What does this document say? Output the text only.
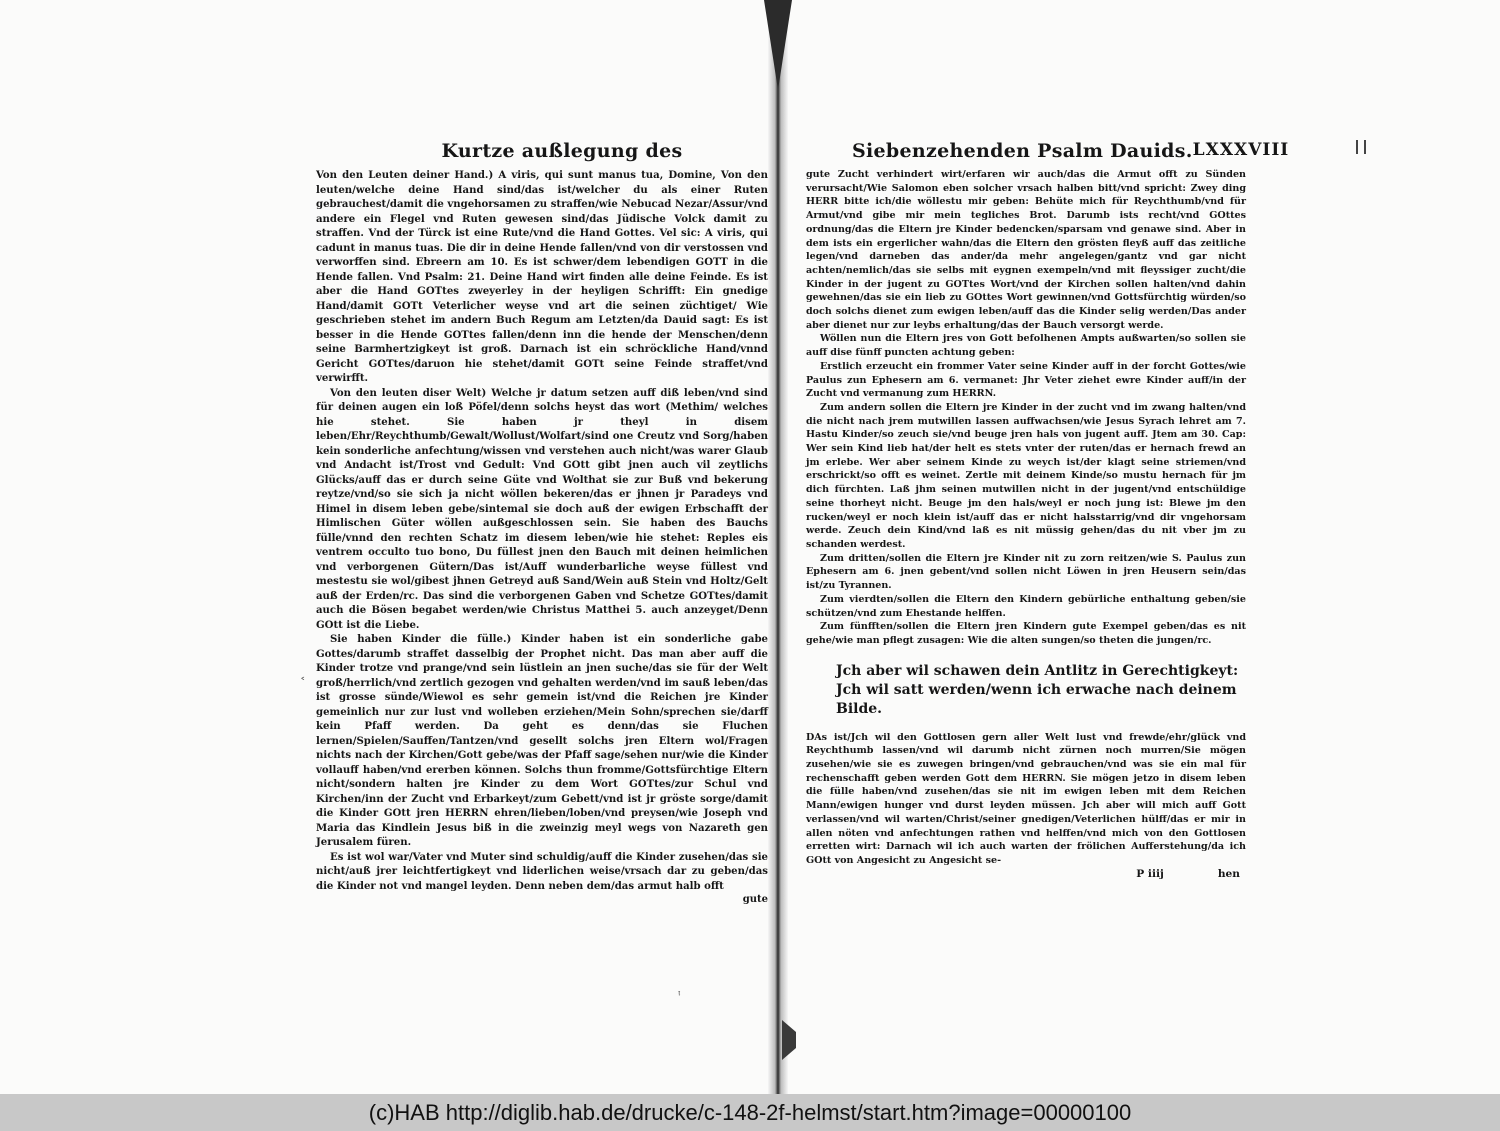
˂
ᵎ
Kurtze außlegung des

Von den Leuten deiner Hand.) A viris, qui sunt manus tua, Domine, Von den leuten/welche deine Hand sind/das ist/welcher du als einer Ruten gebrauchest/damit die vngehorsamen zu straffen/wie Nebucad Nezar/Assur/vnd andere ein Flegel vnd Ruten gewesen sind/das Jüdische Volck damit zu straffen. Vnd der Türck ist eine Rute/vnd die Hand Gottes. Vel sic: A viris, qui cadunt in manus tuas. Die dir in deine Hende fallen/vnd von dir verstossen vnd verworffen sind. Ebreern am 10. Es ist schwer/dem lebendigen GOTT in die Hende fallen. Vnd Psalm: 21. Deine Hand wirt finden alle deine Feinde. Es ist aber die Hand GOTtes zweyerley in der heyligen Schrifft: Ein gnedige Hand/damit GOTt Veterlicher weyse vnd art die seinen züchtiget/ Wie geschrieben stehet im andern Buch Regum am Letzten/da Dauid sagt: Es ist besser in die Hende GOTtes fallen/denn inn die hende der Menschen/denn seine Barmhertzigkeyt ist groß. Darnach ist ein schröckliche Hand/vnnd Gericht GOTtes/daruon hie stehet/damit GOTt seine Feinde straffet/vnd verwirfft.

Von den leuten diser Welt) Welche jr datum setzen auff diß leben/vnd sind für deinen augen ein loß Pöfel/denn solchs heyst das wort (Methim/ welches hie stehet. Sie haben jr theyl in disem leben/Ehr/Reychthumb/Gewalt/Wollust/Wolfart/sind one Creutz vnd Sorg/haben kein sonderliche anfechtung/wissen vnd verstehen auch nicht/was warer Glaub vnd Andacht ist/Trost vnd Gedult: Vnd GOtt gibt jnen auch vil zeytlichs Glücks/auff das er durch seine Güte vnd Wolthat sie zur Buß vnd bekerung reytze/vnd/so sie sich ja nicht wöllen bekeren/das er jhnen jr Paradeys vnd Himel in disem leben gebe/sintemal sie doch auß der ewigen Erbschafft der Himlischen Güter wöllen außgeschlossen sein. Sie haben des Bauchs fülle/vnnd den rechten Schatz im diesem leben/wie hie stehet: Reples eis ventrem occulto tuo bono, Du füllest jnen den Bauch mit deinen heimlichen vnd verborgenen Gütern/Das ist/Auff wunderbarliche weyse füllest vnd mestestu sie wol/gibest jhnen Getreyd auß Sand/Wein auß Stein vnd Holtz/Gelt auß der Erden/rc. Das sind die verborgenen Gaben vnd Schetze GOTtes/damit auch die Bösen begabet werden/wie Christus Matthei 5. auch anzeyget/Denn GOtt ist die Liebe.

Sie haben Kinder die fülle.) Kinder haben ist ein sonderliche gabe Gottes/darumb straffet dasselbig der Prophet nicht. Das man aber auff die Kinder trotze vnd prange/vnd sein lüstlein an jnen suche/das sie für der Welt groß/herrlich/vnd zertlich gezogen vnd gehalten werden/vnd im sauß leben/das ist grosse sünde/Wiewol es sehr gemein ist/vnd die Reichen jre Kinder gemeinlich nur zur lust vnd wolleben erziehen/Mein Sohn/sprechen sie/darff kein Pfaff werden. Da geht es denn/das sie Fluchen lernen/Spielen/Sauffen/Tantzen/vnd gesellt solchs jren Eltern wol/Fragen nichts nach der Kirchen/Gott gebe/was der Pfaff sage/sehen nur/wie die Kinder vollauff haben/vnd ererben können. Solchs thun fromme/Gottsfürchtige Eltern nicht/sondern halten jre Kinder zu dem Wort GOTtes/zur Schul vnd Kirchen/inn der Zucht vnd Erbarkeyt/zum Gebett/vnd ist jr gröste sorge/damit die Kinder GOtt jren HERRN ehren/lieben/loben/vnd preysen/wie Joseph vnd Maria das Kindlein Jesus biß in die zweinzig meyl wegs von Nazareth gen Jerusalem füren.

Es ist wol war/Vater vnd Muter sind schuldig/auff die Kinder zusehen/das sie nicht/auß jrer leichtfertigkeyt vnd liderlichen weise/vrsach dar zu geben/das die Kinder not vnd mangel leyden. Denn neben dem/das armut halb offt

gute
Siebenzehenden Psalm Dauids. LXXXVIII

gute Zucht verhindert wirt/erfaren wir auch/das die Armut offt zu Sünden verursacht/Wie Salomon eben solcher vrsach halben bitt/vnd spricht: Zwey ding HERR bitte ich/die wöllestu mir geben: Behüte mich für Reychthumb/vnd für Armut/vnd gibe mir mein tegliches Brot. Darumb ists recht/vnd GOttes ordnung/das die Eltern jre Kinder bedencken/sparsam vnd genawe sind. Aber in dem ists ein ergerlicher wahn/das die Eltern den grösten fleyß auff das zeitliche legen/vnd darneben das ander/da mehr angelegen/gantz vnd gar nicht achten/nemlich/das sie selbs mit eygnen exempeln/vnd mit fleyssiger zucht/die Kinder in der jugent zu GOTtes Wort/vnd der Kirchen sollen halten/vnd dahin gewehnen/das sie ein lieb zu GOttes Wort gewinnen/vnd Gottsfürchtig würden/so doch solchs dienet zum ewigen leben/auff das die Kinder selig werden/Das ander aber dienet nur zur leybs erhaltung/das der Bauch versorgt werde.

Wöllen nun die Eltern jres von Gott befolhenen Ampts außwarten/so sollen sie auff dise fünff puncten achtung geben:

Erstlich erzeucht ein frommer Vater seine Kinder auff in der forcht Gottes/wie Paulus zun Ephesern am 6. vermanet: Jhr Veter ziehet ewre Kinder auff/in der Zucht vnd vermanung zum HERRN.

Zum andern sollen die Eltern jre Kinder in der zucht vnd im zwang halten/vnd die nicht nach jrem mutwillen lassen auffwachsen/wie Jesus Syrach lehret am 7. Hastu Kinder/so zeuch sie/vnd beuge jren hals von jugent auff. Jtem am 30. Cap: Wer sein Kind lieb hat/der helt es stets vnter der ruten/das er hernach frewd an jm erlebe. Wer aber seinem Kinde zu weych ist/der klagt seine striemen/vnd erschrickt/so offt es weinet. Zertle mit deinem Kinde/so mustu hernach für jm dich fürchten. Laß jhm seinen mutwillen nicht in der jugent/vnd entschüldige seine thorheyt nicht. Beuge jm den hals/weyl er noch jung ist: Blewe jm den rucken/weyl er noch klein ist/auff das er nicht halsstarrig/vnd dir vngehorsam werde. Zeuch dein Kind/vnd laß es nit müssig gehen/das du nit vber jm zu schanden werdest.

Zum dritten/sollen die Eltern jre Kinder nit zu zorn reitzen/wie S. Paulus zun Ephesern am 6. jnen gebent/vnd sollen nicht Löwen in jren Heusern sein/das ist/zu Tyrannen.

Zum vierdten/sollen die Eltern den Kindern gebürliche enthaltung geben/sie schützen/vnd zum Ehestande helffen.

Zum fünfften/sollen die Eltern jren Kindern gute Exempel geben/das es nit gehe/wie man pflegt zusagen: Wie die alten sungen/so theten die jungen/rc.

Jch aber wil schawen dein Antlitz in Gerechtigkeyt: Jch wil satt werden/wenn ich erwache nach deinem Bilde.

DAs ist/Jch wil den Gottlosen gern aller Welt lust vnd frewde/ehr/glück vnd Reychthumb lassen/vnd wil darumb nicht zürnen noch murren/Sie mögen zusehen/wie sie es zuwegen bringen/vnd gebrauchen/vnd was sie ein mal für rechenschafft geben werden Gott dem HERRN. Sie mögen jetzo in disem leben die fülle haben/vnd zusehen/das sie nit im ewigen leben mit dem Reichen Mann/ewigen hunger vnd durst leyden müssen. Jch aber will mich auff Gott verlassen/vnd wil warten/Christ/seiner gnedigen/Veterlichen hülff/das er mir in allen nöten vnd anfechtungen rathen vnd helffen/vnd mich von den Gottlosen erretten wirt: Darnach wil ich auch warten der frölichen Aufferstehung/da ich GOtt von Angesicht zu Angesicht se-

P iiij	hen
(c)HAB http://diglib.hab.de/drucke/c-148-2f-helmst/start.htm?image=00000100
